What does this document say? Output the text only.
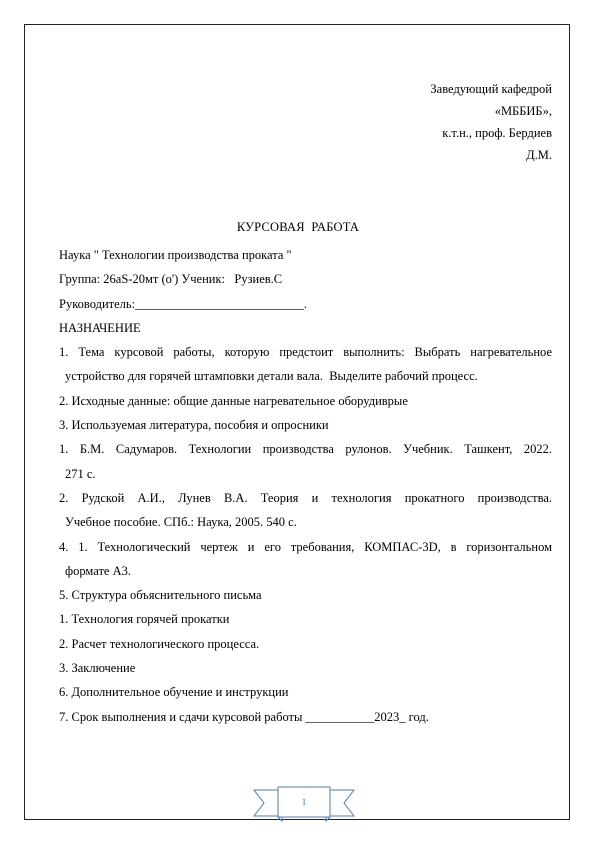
Заведующий кафедрой
«МББИБ»,
к.т.н., проф. Бердиев
Д.М.
КУРСОВАЯ  РАБОТА
Наука " Технологии производства проката "
Группа: 26aS-20мт (o') Ученик:   Рузиев.С
Руководитель:___________________________.
НАЗНАЧЕНИЕ
1. Тема курсовой работы, которую предстоит выполнить: Выбрать нагревательное
устройство для горячей штамповки детали вала.  Выделите рабочий процесс.
2. Исходные данные: общие данные нагревательное оборудиврые
3. Используемая литература, пособия и опросники
1. Б.М. Садумаров. Технологии производства рулонов. Учебник. Ташкент, 2022.
271 с.
2. Рудской А.И., Лунев В.А. Теория и технология прокатного производства.
Учебное пособие. СПб.: Наука, 2005. 540 с.
4. 1. Технологический чертеж и его требования, КОМПАС-3D, в горизонтальном
формате А3.
5. Структура объяснительного письма
1. Технология горячей прокатки
2. Расчет технологического процесса.
3. Заключение
6. Дополнительное обучение и инструкции
7. Срок выполнения и сдачи курсовой работы ___________2023_ год.
1
